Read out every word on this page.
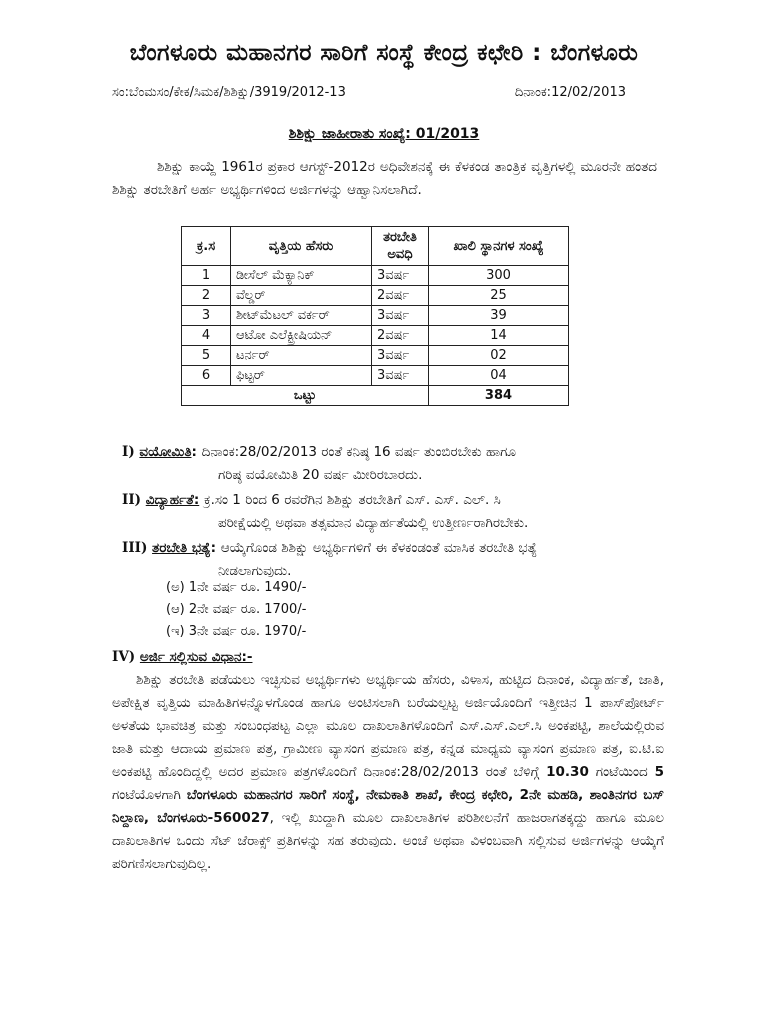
ಬೆಂಗಳೂರು ಮಹಾನಗರ ಸಾರಿಗೆ ಸಂಸ್ಥೆ ಕೇಂದ್ರ ಕಛೇರಿ : ಬೆಂಗಳೂರು
ಸಂ:ಬೆಂಮಸಂ/ಕೇಕ/ಸಿಮಕ/ಶಿಶಿಕ್ಷು/3919/2012-13	ದಿನಾಂಕ:12/02/2013
ಶಿಶಿಕ್ಷು ಜಾಹೀರಾತು ಸಂಖ್ಯೆ: 01/2013
ಶಿಶಿಕ್ಷು ಕಾಯ್ದೆ 1961ರ ಪ್ರಕಾರ ಆಗಸ್ಟ್-2012ರ ಅಧಿವೇಶನಕ್ಕೆ ಈ ಕೆಳಕಂಡ ತಾಂತ್ರಿಕ ವೃತ್ತಿಗಳಲ್ಲಿ ಮೂರನೇ ಹಂತದ ಶಿಶಿಕ್ಷು ತರಬೇತಿಗೆ ಅರ್ಹ ಅಭ್ಯರ್ಥಿಗಳಿಂದ ಅರ್ಜಿಗಳನ್ನು ಆಹ್ವಾನಿಸಲಾಗಿದೆ.
ಕ್ರ.ಸ	ವೃತ್ತಿಯ ಹೆಸರು	ತರಬೇತಿ ಅವಧಿ	ಖಾಲಿ ಸ್ಥಾನಗಳ ಸಂಖ್ಯೆ
1	ಡೀಸೆಲ್ ಮೆಕ್ಯಾನಿಕ್	3ವರ್ಷ	300
2	ವೆಲ್ಡರ್	2ವರ್ಷ	25
3	ಶೀಟ್‌ಮೆಟಲ್ ವರ್ಕರ್	3ವರ್ಷ	39
4	ಆಟೋ ಎಲೆಕ್ಟ್ರೀಷಿಯನ್	2ವರ್ಷ	14
5	ಟರ್ನರ್	3ವರ್ಷ	02
6	ಫಿಟ್ಟರ್	3ವರ್ಷ	04
ಒಟ್ಟು			384
I) ವಯೋಮಿತಿ: ದಿನಾಂಕ:28/02/2013 ರಂತೆ ಕನಿಷ್ಠ 16 ವರ್ಷ ತುಂಬಿರಬೇಕು ಹಾಗೂ
ಗರಿಷ್ಠ ವಯೋಮಿತಿ 20 ವರ್ಷ ಮೀರಿರಬಾರದು.
II) ವಿದ್ಯಾರ್ಹತೆ: ಕ್ರ.ಸಂ 1 ರಿಂದ 6 ರವರೆಗಿನ ಶಿಶಿಕ್ಷು ತರಬೇತಿಗೆ ಎಸ್. ಎಸ್. ಎಲ್. ಸಿ
ಪರೀಕ್ಷೆಯಲ್ಲಿ ಅಥವಾ ತತ್ಸಮಾನ ವಿದ್ಯಾರ್ಹತೆಯಲ್ಲಿ ಉತ್ತೀರ್ಣರಾಗಿರಬೇಕು.
III) ತರಬೇತಿ ಭತ್ಯೆ: ಆಯ್ಕೆಗೊಂಡ ಶಿಶಿಕ್ಷು ಅಭ್ಯರ್ಥಿಗಳಿಗೆ ಈ ಕೆಳಕಂಡಂತೆ ಮಾಸಿಕ ತರಬೇತಿ ಭತ್ಯೆ
ನೀಡಲಾಗುವುದು.
(ಅ) 1ನೇ ವರ್ಷ ರೂ. 1490/-
(ಆ) 2ನೇ ವರ್ಷ ರೂ. 1700/-
(ಇ) 3ನೇ ವರ್ಷ ರೂ. 1970/-
IV) ಅರ್ಜಿ ಸಲ್ಲಿಸುವ ವಿಧಾನ:-
ಶಿಶಿಕ್ಷು ತರಬೇತಿ ಪಡೆಯಲು ಇಚ್ಛಿಸುವ ಅಭ್ಯರ್ಥಿಗಳು ಅಭ್ಯರ್ಥಿಯ ಹೆಸರು, ವಿಳಾಸ, ಹುಟ್ಟಿದ ದಿನಾಂಕ, ವಿದ್ಯಾರ್ಹತೆ, ಜಾತಿ, ಅಪೇಕ್ಷಿತ ವೃತ್ತಿಯ ಮಾಹಿತಿಗಳನ್ನೊಳಗೊಂಡ ಹಾಗೂ ಅಂಟಿಸಲಾಗಿ ಬರೆಯಲ್ಪಟ್ಟ ಅರ್ಜಿಯೊಂದಿಗೆ ಇತ್ತೀಚಿನ 1 ಪಾಸ್‌ಪೋರ್ಟ್ ಅಳತೆಯ ಭಾವಚಿತ್ರ ಮತ್ತು ಸಂಬಂಧಪಟ್ಟ ಎಲ್ಲಾ ಮೂಲ ದಾಖಲಾತಿಗಳೊಂದಿಗೆ ಎಸ್.ಎಸ್.ಎಲ್.ಸಿ ಅಂಕಪಟ್ಟಿ, ಶಾಲೆಯಲ್ಲಿರುವ ಜಾತಿ ಮತ್ತು ಆದಾಯ ಪ್ರಮಾಣ ಪತ್ರ, ಗ್ರಾಮೀಣ ವ್ಯಾಸಂಗ ಪ್ರಮಾಣ ಪತ್ರ, ಕನ್ನಡ ಮಾಧ್ಯಮ ವ್ಯಾಸಂಗ ಪ್ರಮಾಣ ಪತ್ರ, ಐ.ಟಿ.ಐ ಅಂಕಪಟ್ಟಿ ಹೊಂದಿದ್ದಲ್ಲಿ ಅದರ ಪ್ರಮಾಣ ಪತ್ರಗಳೊಂದಿಗೆ ದಿನಾಂಕ:28/02/2013 ರಂತೆ ಬೆಳಿಗ್ಗೆ 10.30 ಗಂಟೆಯಿಂದ 5 ಗಂಟೆಯೊಳಗಾಗಿ ಬೆಂಗಳೂರು ಮಹಾನಗರ ಸಾರಿಗೆ ಸಂಸ್ಥೆ, ನೇಮಕಾತಿ ಶಾಖೆ, ಕೇಂದ್ರ ಕಛೇರಿ, 2ನೇ ಮಹಡಿ, ಶಾಂತಿನಗರ ಬಸ್ ನಿಲ್ದಾಣ, ಬೆಂಗಳೂರು-560027, ಇಲ್ಲಿ ಖುದ್ದಾಗಿ ಮೂಲ ದಾಖಲಾತಿಗಳ ಪರಿಶೀಲನೆಗೆ ಹಾಜರಾಗತಕ್ಕದ್ದು ಹಾಗೂ ಮೂಲ ದಾಖಲಾತಿಗಳ ಒಂದು ಸೆಟ್ ಜೆರಾಕ್ಸ್ ಪ್ರತಿಗಳನ್ನು ಸಹ ತರುವುದು. ಅಂಚೆ ಅಥವಾ ವಿಳಂಬವಾಗಿ ಸಲ್ಲಿಸುವ ಅರ್ಜಿಗಳನ್ನು ಆಯ್ಕೆಗೆ ಪರಿಗಣಿಸಲಾಗುವುದಿಲ್ಲ.
